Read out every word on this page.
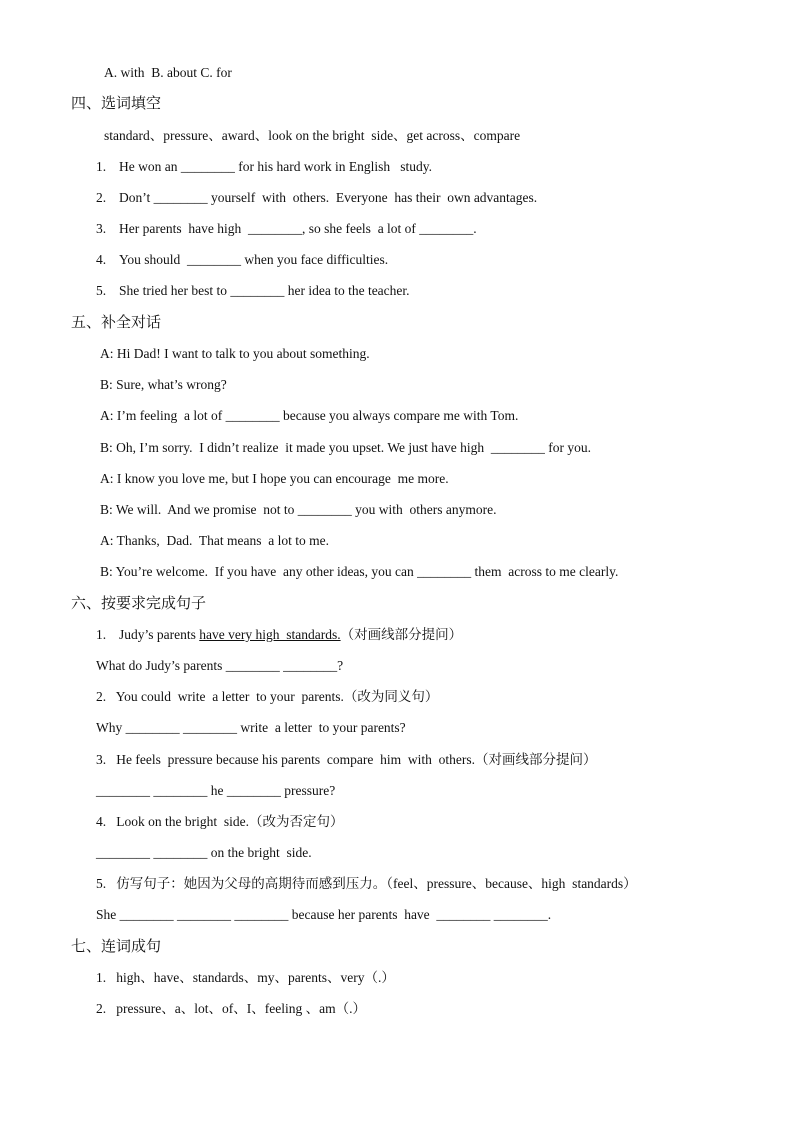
A. with  B. about C. for
四、选词填空
standard、pressure、award、look on the bright  side、get across、compare
1. He won an ________ for his hard work in English   study.
2. Don’t ________ yourself  with  others.  Everyone  has their  own advantages.
3. Her parents  have high  ________, so she feels  a lot of ________.
4. You should  ________ when you face difficulties.
5. She tried her best to ________ her idea to the teacher.
五、补全对话
A: Hi Dad! I want to talk to you about something.
B: Sure, what’s wrong?
A: I’m feeling  a lot of ________ because you always compare me with Tom.
B: Oh, I’m sorry.  I didn’t realize  it made you upset. We just have high  ________ for you.
A: I know you love me, but I hope you can encourage  me more.
B: We will.  And we promise  not to ________ you with  others anymore.
A: Thanks,  Dad.  That means  a lot to me.
B: You’re welcome.  If you have  any other ideas, you can ________ them  across to me clearly.
六、按要求完成句子
1. Judy’s parents have very high  standards.（对画线部分提问）
What do Judy’s parents ________ ________?
2.   You could  write  a letter  to your  parents.（改为同义句）
Why ________ ________ write  a letter  to your parents?
3.   He feels  pressure because his parents  compare  him  with  others.（对画线部分提问）
________ ________ he ________ pressure?
4.   Look on the bright  side.（改为否定句）
________ ________ on the bright  side.
5.   仿写句子：她因为父母的高期待而感到压力。（feel、pressure、because、high  standards）
She ________ ________ ________ because her parents  have  ________ ________.
七、连词成句
1.   high、have、standards、my、parents、very（.）
2.   pressure、a、lot、of、I、feeling 、am（.）
